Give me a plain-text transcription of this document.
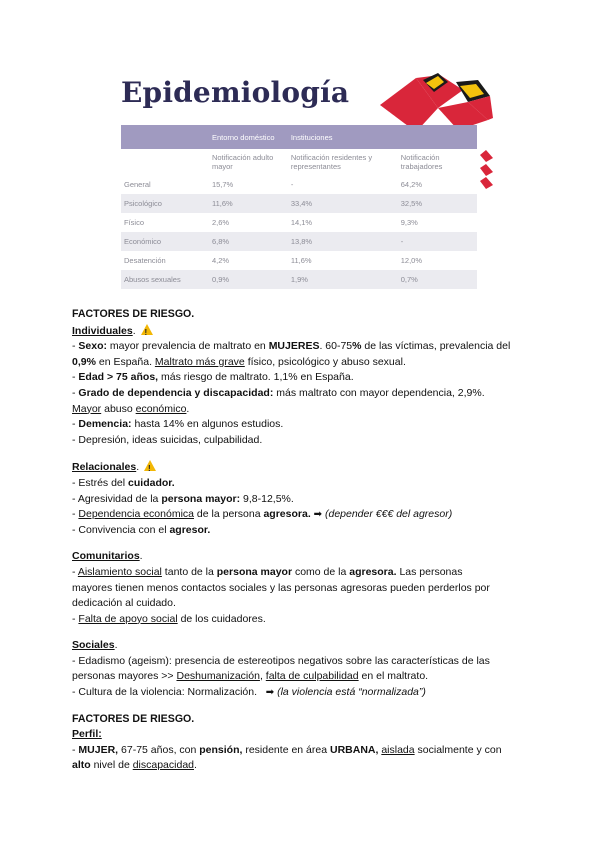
Epidemiología
	Entorno doméstico	Instituciones	
	Notificación adulto mayor	Notificación residentes y representantes	Notificación trabajadores
General	15,7%	-	64,2%
Psicológico	11,6%	33,4%	32,5%
Físico	2,6%	14,1%	9,3%
Económico	6,8%	13,8%	-
Desatención	4,2%	11,6%	12,0%
Abusos sexuales	0,9%	1,9%	0,7%

FACTORES DE RIESGO.

Individuales. !

- Sexo: mayor prevalencia de maltrato en MUJERES. 60-75% de las víctimas, prevalencia del 0,9% en España. Maltrato más grave físico, psicológico y abuso sexual.

- Edad > 75 años, más riesgo de maltrato. 1,1% en España.

- Grado de dependencia y discapacidad: más maltrato con mayor dependencia, 2,9%.

Mayor abuso económico.

- Demencia: hasta 14% en algunos estudios.

- Depresión, ideas suicidas, culpabilidad.

Relacionales. !

- Estrés del cuidador.

- Agresividad de la persona mayor: 9,8-12,5%.

- Dependencia económica de la persona agresora. ➡ (depender €€€ del agresor)

- Convivencia con el agresor.

Comunitarios.

- Aislamiento social tanto de la persona mayor como de la agresora. Las personas

mayores tienen menos contactos sociales y las personas agresoras pueden perderlos por

dedicación al cuidado.

- Falta de apoyo social de los cuidadores.

Sociales.

- Edadismo (ageism): presencia de estereotipos negativos sobre las características de las

personas mayores >> Deshumanización, falta de culpabilidad en el maltrato.

- Cultura de la violencia: Normalización. ➡ (la violencia está “normalizada”)

FACTORES DE RIESGO.

Perfil:

- MUJER, 67-75 años, con pensión, residente en área URBANA, aislada socialmente y con

alto nivel de discapacidad.
